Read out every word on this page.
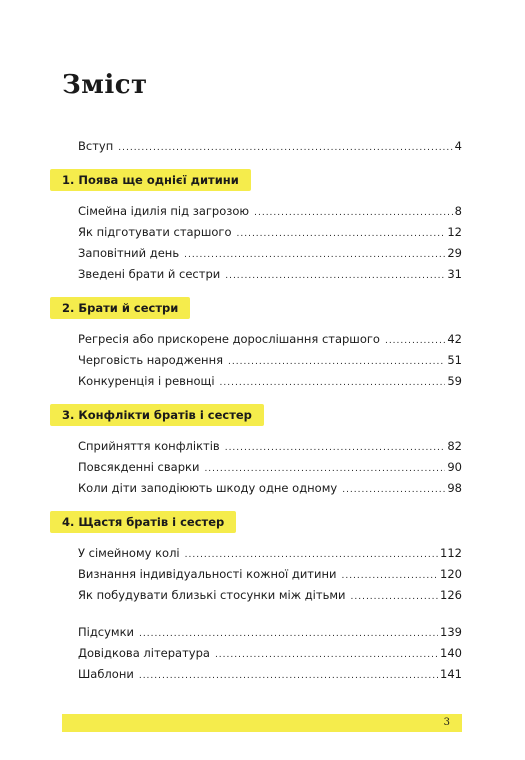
Зміст
Вступ .....	4
1. Поява ще однієї дитини
Сімейна ідилія під загрозою .....	8
Як підготувати старшого .....	12
Заповітний день .....	29
Зведені брати й сестри .....	31
2. Брати й сестри
Регресія або прискорене дорослішання старшого .....	42
Черговість народження .....	51
Конкуренція і ревнощі .....	59
3. Конфлікти братів і сестер
Сприйняття конфліктів .....	82
Повсякденні сварки .....	90
Коли діти заподіюють шкоду одне одному .....	98
4. Щастя братів і сестер
У сімейному колі .....	112
Визнання індивідуальності кожної дитини .....	120
Як побудувати близькі стосунки між дітьми .....	126
Підсумки .....	139
Довідкова література .....	140
Шаблони .....	141
3
